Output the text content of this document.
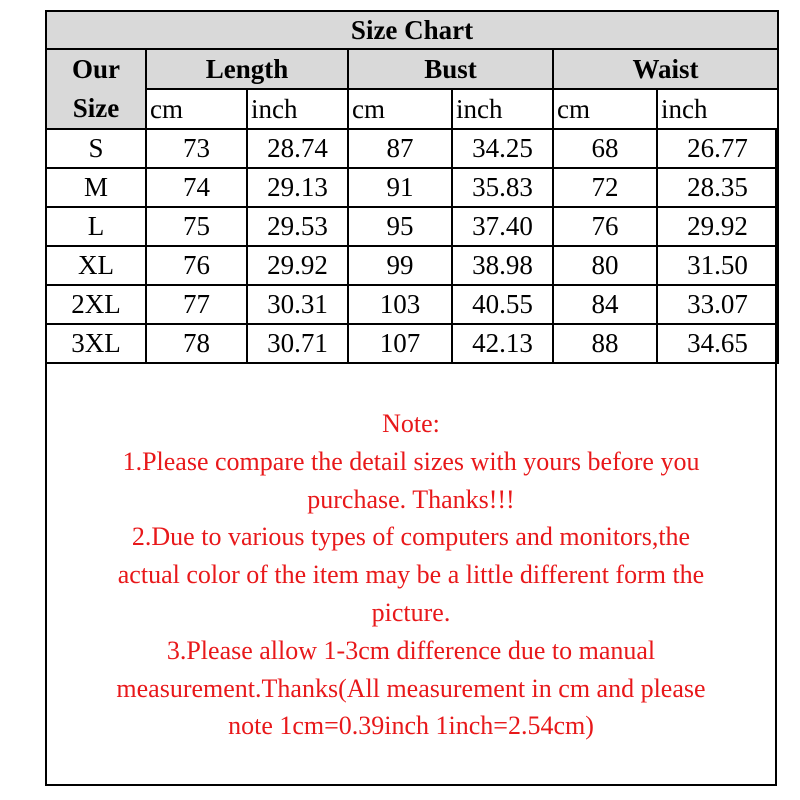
Size Chart						

Our
Size	Length		Bust		Waist	
	cm	inch	cm	inch	cm	inch
S	73	28.74	87	34.25	68	26.77
M	74	29.13	91	35.83	72	28.35
L	75	29.53	95	37.40	76	29.92
XL	76	29.92	99	38.98	80	31.50
2XL	77	30.31	103	40.55	84	33.07
3XL	78	30.71	107	42.13	88	34.65
Note:
1.Please compare the detail sizes with yours before you
purchase. Thanks!!!
2.Due to various types of computers and monitors,the
actual color of the item may be a little different form the
picture.
3.Please allow 1-3cm difference due to manual
measurement.Thanks(All measurement in cm and please
note 1cm=0.39inch 1inch=2.54cm)
